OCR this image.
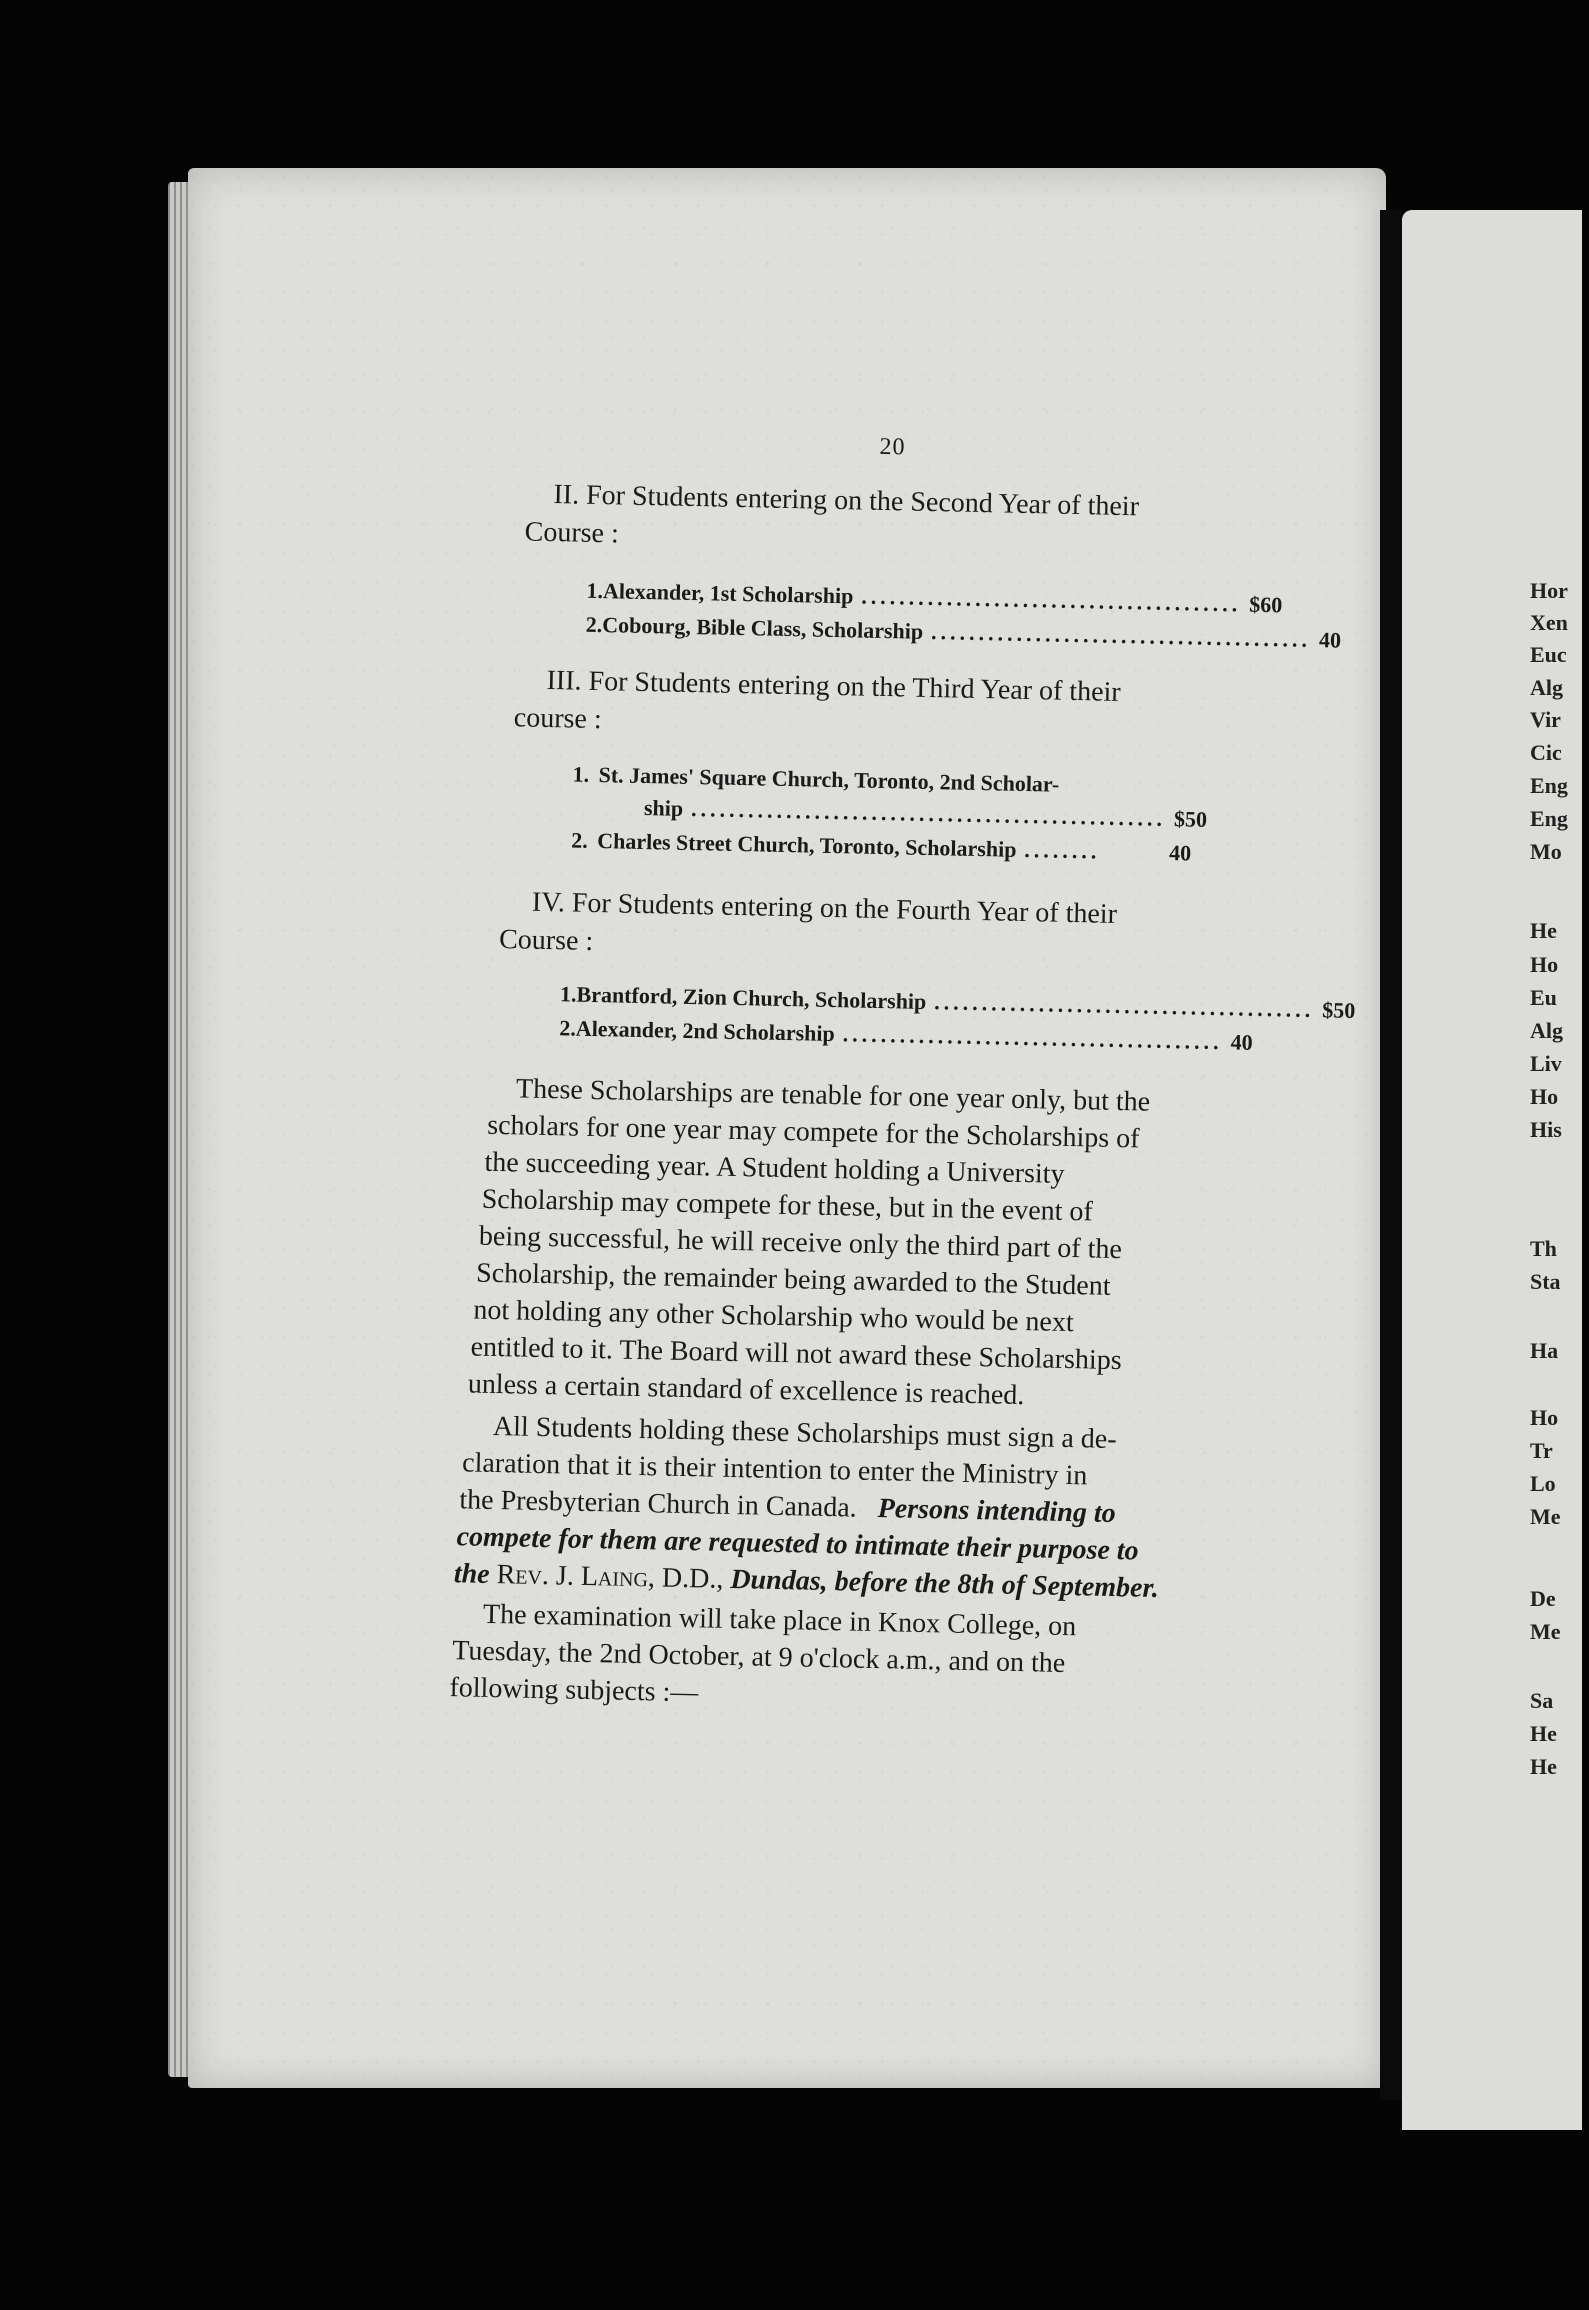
Hor
Xen
Euc
Alg
Vir
Cic
Eng
Eng
Mo
He
Ho
Eu
Alg
Liv
Ho
His
Th
Sta
Ha
Ho
Tr
Lo
Me
De
Me
Sa
He
He
20
II. For Students entering on the Second Year of their
Course :
1. Alexander, 1st Scholarship ........................................ $60
2. Cobourg, Bible Class, Scholarship ........................................ 40
III. For Students entering on the Third Year of their
course :
1. St. James' Square Church, Toronto, 2nd Scholar-
ship .................................................. $50
2. Charles Street Church, Toronto, Scholarship ........	40
IV. For Students entering on the Fourth Year of their
Course :
1. Brantford, Zion Church, Scholarship ........................................ $50
2. Alexander, 2nd Scholarship ........................................ 40
These Scholarships are tenable for one year only, but the
scholars for one year may compete for the Scholarships of
the succeeding year. A Student holding a University
Scholarship may compete for these, but in the event of
being successful, he will receive only the third part of the
Scholarship, the remainder being awarded to the Student
not holding any other Scholarship who would be next
entitled to it. The Board will not award these Scholarships
unless a certain standard of excellence is reached.
All Students holding these Scholarships must sign a de-
claration that it is their intention to enter the Ministry in
the Presbyterian Church in Canada. Persons intending to
compete for them are requested to intimate their purpose to
the Rev. J. Laing, D.D., Dundas, before the 8th of September.
The examination will take place in Knox College, on
Tuesday, the 2nd October, at 9 o'clock a.m., and on the
following subjects :—
